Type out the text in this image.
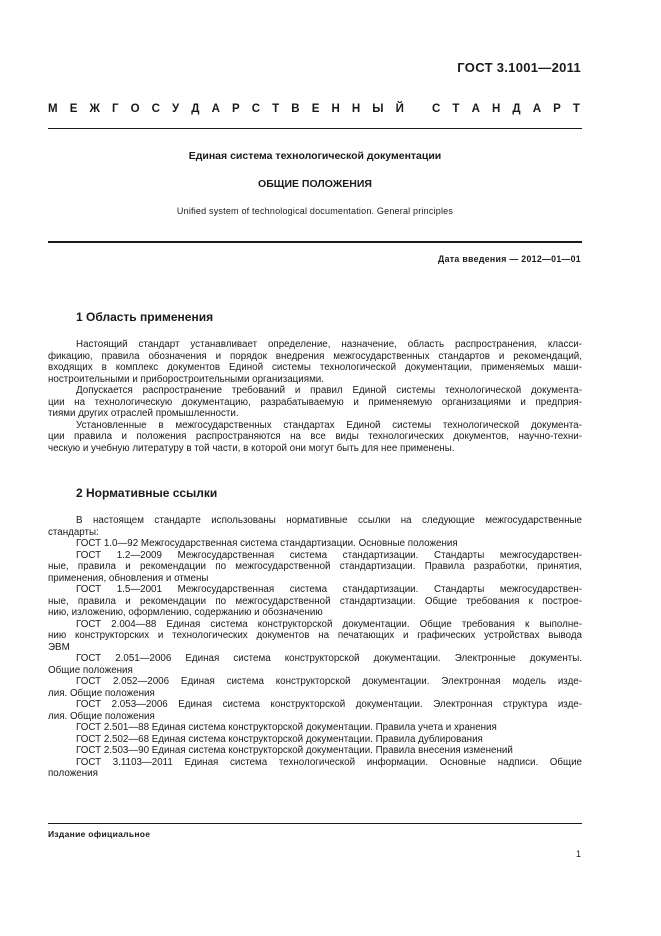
ГОСТ 3.1001—2011
М Е Ж Г О С У Д А Р С Т В Е Н Н Ы Й С Т А Н Д А Р Т
Единая система технологической документации
ОБЩИЕ ПОЛОЖЕНИЯ
Unified system of technological documentation. General principles
Дата введения — 2012—01—01
1 Область применения

Настоящий стандарт устанавливает определение, назначение, область распространения, класси-
фикацию, правила обозначения и порядок внедрения межгосударственных стандартов и рекомендаций,
входящих в комплекс документов Единой системы технологической документации, применяемых маши-
ностроительными и приборостроительными организациями.

Допускается распространение требований и правил Единой системы технологической документа-
ции на технологическую документацию, разрабатываемую и применяемую организациями и предприя-
тиями других отраслей промышленности.

Установленные в межгосударственных стандартах Единой системы технологической документа-
ции правила и положения распространяются на все виды технологических документов, научно-техни-
ческую и учебную литературу в той части, в которой они могут быть для нее применены.

2 Нормативные ссылки

В настоящем стандарте использованы нормативные ссылки на следующие межгосударственные
стандарты:

ГОСТ 1.0—92 Межгосударственная система стандартизации. Основные положения

ГОСТ 1.2—2009 Межгосударственная система стандартизации. Стандарты межгосударствен-
ные, правила и рекомендации по межгосударственной стандартизации. Правила разработки, принятия,
применения, обновления и отмены

ГОСТ 1.5—2001 Межгосударственная система стандартизации. Стандарты межгосударствен-
ные, правила и рекомендации по межгосударственной стандартизации. Общие требования к построе-
нию, изложению, оформлению, содержанию и обозначению

ГОСТ 2.004—88 Единая система конструкторской документации. Общие требования к выполне-
нию конструкторских и технологических документов на печатающих и графических устройствах вывода
ЭВМ

ГОСТ 2.051—2006 Единая система конструкторской документации. Электронные документы.
Общие положения

ГОСТ 2.052—2006 Единая система конструкторской документации. Электронная модель изде-
лия. Общие положения

ГОСТ 2.053—2006 Единая система конструкторской документации. Электронная структура изде-
лия. Общие положения

ГОСТ 2.501—88 Единая система конструкторской документации. Правила учета и хранения

ГОСТ 2.502—68 Единая система конструкторской документации. Правила дублирования

ГОСТ 2.503—90 Единая система конструкторской документации. Правила внесения изменений

ГОСТ 3.1103—2011 Единая система технологической информации. Основные надписи. Общие
положения

Издание официальное
1
